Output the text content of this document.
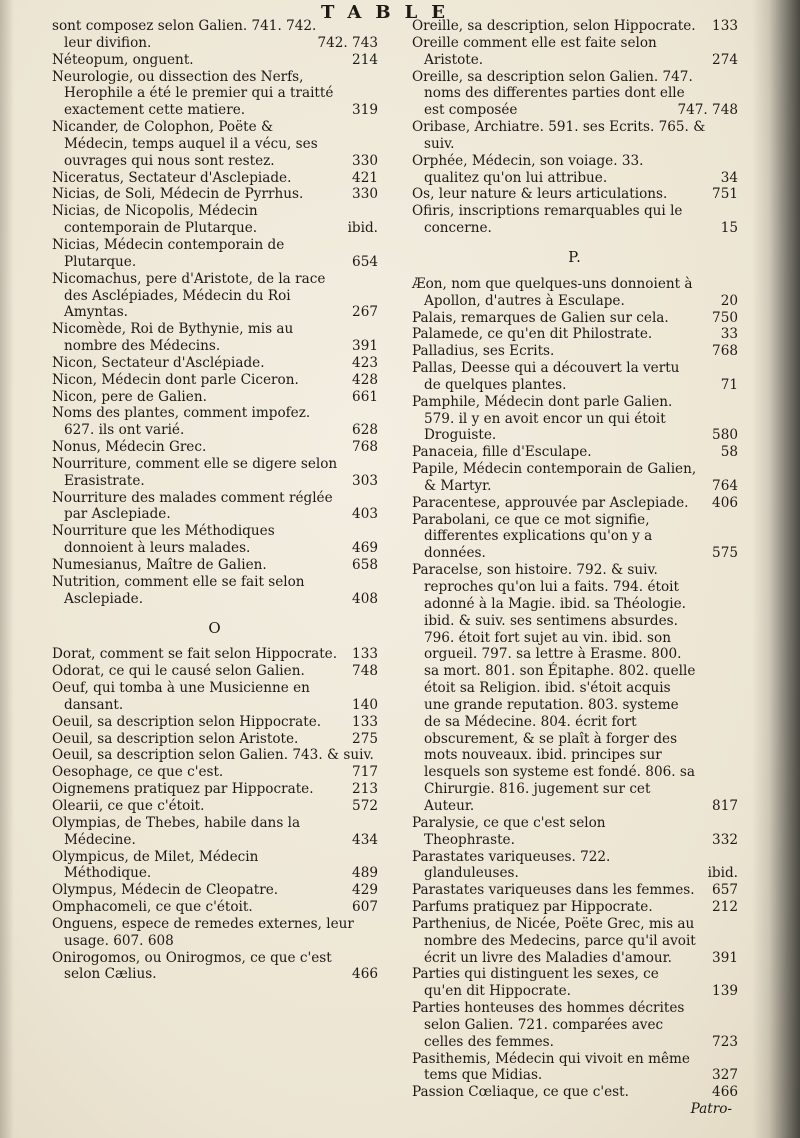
TABLE
sont composez selon Galien. 741. 742. leur divifion.	742. 743
Néteopum, onguent.	214
Neurologie, ou dissection des Nerfs, Herophile a été le premier qui a traitté exactement cette matiere.	319
Nicander, de Colophon, Poëte & Médecin, temps auquel il a vécu, ses ouvrages qui nous sont restez.	330
Niceratus, Sectateur d'Asclepiade.	421
Nicias, de Soli, Médecin de Pyrrhus.	330
Nicias, de Nicopolis, Médecin contemporain de Plutarque.	ibid.
Nicias, Médecin contemporain de Plutarque.	654
Nicomachus, pere d'Aristote, de la race des Asclépiades, Médecin du Roi Amyntas.	267
Nicomède, Roi de Bythynie, mis au nombre des Médecins.	391
Nicon, Sectateur d'Asclépiade.	423
Nicon, Médecin dont parle Ciceron.	428
Nicon, pere de Galien.	661
Noms des plantes, comment impofez. 627. ils ont varié.	628
Nonus, Médecin Grec.	768
Nourriture, comment elle se digere selon Erasistrate.	303
Nourriture des malades comment réglée par Asclepiade.	403
Nourriture que les Méthodiques donnoient à leurs malades.	469
Numesianus, Maître de Galien.	658
Nutrition, comment elle se fait selon Asclepiade.	408
O
Dorat, comment se fait selon Hippocrate. 133
Odorat, ce qui le causé selon Galien.	748
Oeuf, qui tomba à une Musicienne en dansant.	140
Oeuil, sa description selon Hippocrate. 133
Oeuil, sa description selon Aristote.	275
Oeuil, sa description selon Galien. 743. & suiv.
Oesophage, ce que c'est.	717
Oignemens pratiquez par Hippocrate.	213
Olearii, ce que c'étoit.	572
Olympias, de Thebes, habile dans la Médecine.	434
Olympicus, de Milet, Médecin Méthodique.	489
Olympus, Médecin de Cleopatre.	429
Omphacomeli, ce que c'étoit.	607
Onguens, espece de remedes externes, leur usage. 607. 608
Onirogomos, ou Onirogmos, ce que c'est selon Cælius.	466
Oreille, sa description, selon Hippocrate. 133
Oreille comment elle est faite selon Aristote.	274
Oreille, sa description selon Galien. 747. noms des differentes parties dont elle est composée	747. 748
Oribase, Archiatre. 591. ses Ecrits. 765. & suiv.
Orphée, Médecin, son voiage. 33. qualitez qu'on lui attribue.	34
Os, leur nature & leurs articulations.	751
Ofiris, inscriptions remarquables qui le concerne.	15
P.
Æon, nom que quelques-uns donnoient à Apollon, d'autres à Esculape.	20
Palais, remarques de Galien sur cela.	750
Palamede, ce qu'en dit Philostrate.	33
Palladius, ses Ecrits.	768
Pallas, Deesse qui a découvert la vertu de quelques plantes.	71
Pamphile, Médecin dont parle Galien. 579. il y en avoit encor un qui étoit Droguiste.	580
Panaceia, fille d'Esculape.	58
Papile, Médecin contemporain de Galien, & Martyr.	764
Paracentese, approuvée par Asclepiade. 406
Parabolani, ce que ce mot signifie, differentes explications qu'on y a données.	575
Paracelse, son histoire. 792. & suiv. reproches qu'on lui a faits. 794. étoit adonné à la Magie. ibid. sa Théologie. ibid. & suiv. ses sentimens absurdes. 796. étoit fort sujet au vin. ibid. son orgueil. 797. sa lettre à Erasme. 800. sa mort. 801. son Épitaphe. 802. quelle étoit sa Religion. ibid. s'étoit acquis une grande reputation. 803. systeme de sa Médecine. 804. écrit fort obscurement, & se plaît à forger des mots nouveaux. ibid. principes sur lesquels son systeme est fondé. 806. sa Chirurgie. 816. jugement sur cet Auteur.	817
Paralysie, ce que c'est selon Theophraste.	332
Parastates variqueuses. 722. glanduleuses.	ibid.
Parastates variqueuses dans les femmes. 657
Parfums pratiquez par Hippocrate.	212
Parthenius, de Nicée, Poëte Grec, mis au nombre des Medecins, parce qu'il avoit écrit un livre des Maladies d'amour.	391
Parties qui distinguent les sexes, ce qu'en dit Hippocrate.	139
Parties honteuses des hommes décrites selon Galien. 721. comparées avec celles des femmes.	723
Pasithemis, Médecin qui vivoit en même tems que Midias.	327
Passion Cœliaque, ce que c'est.	466
Patro-
